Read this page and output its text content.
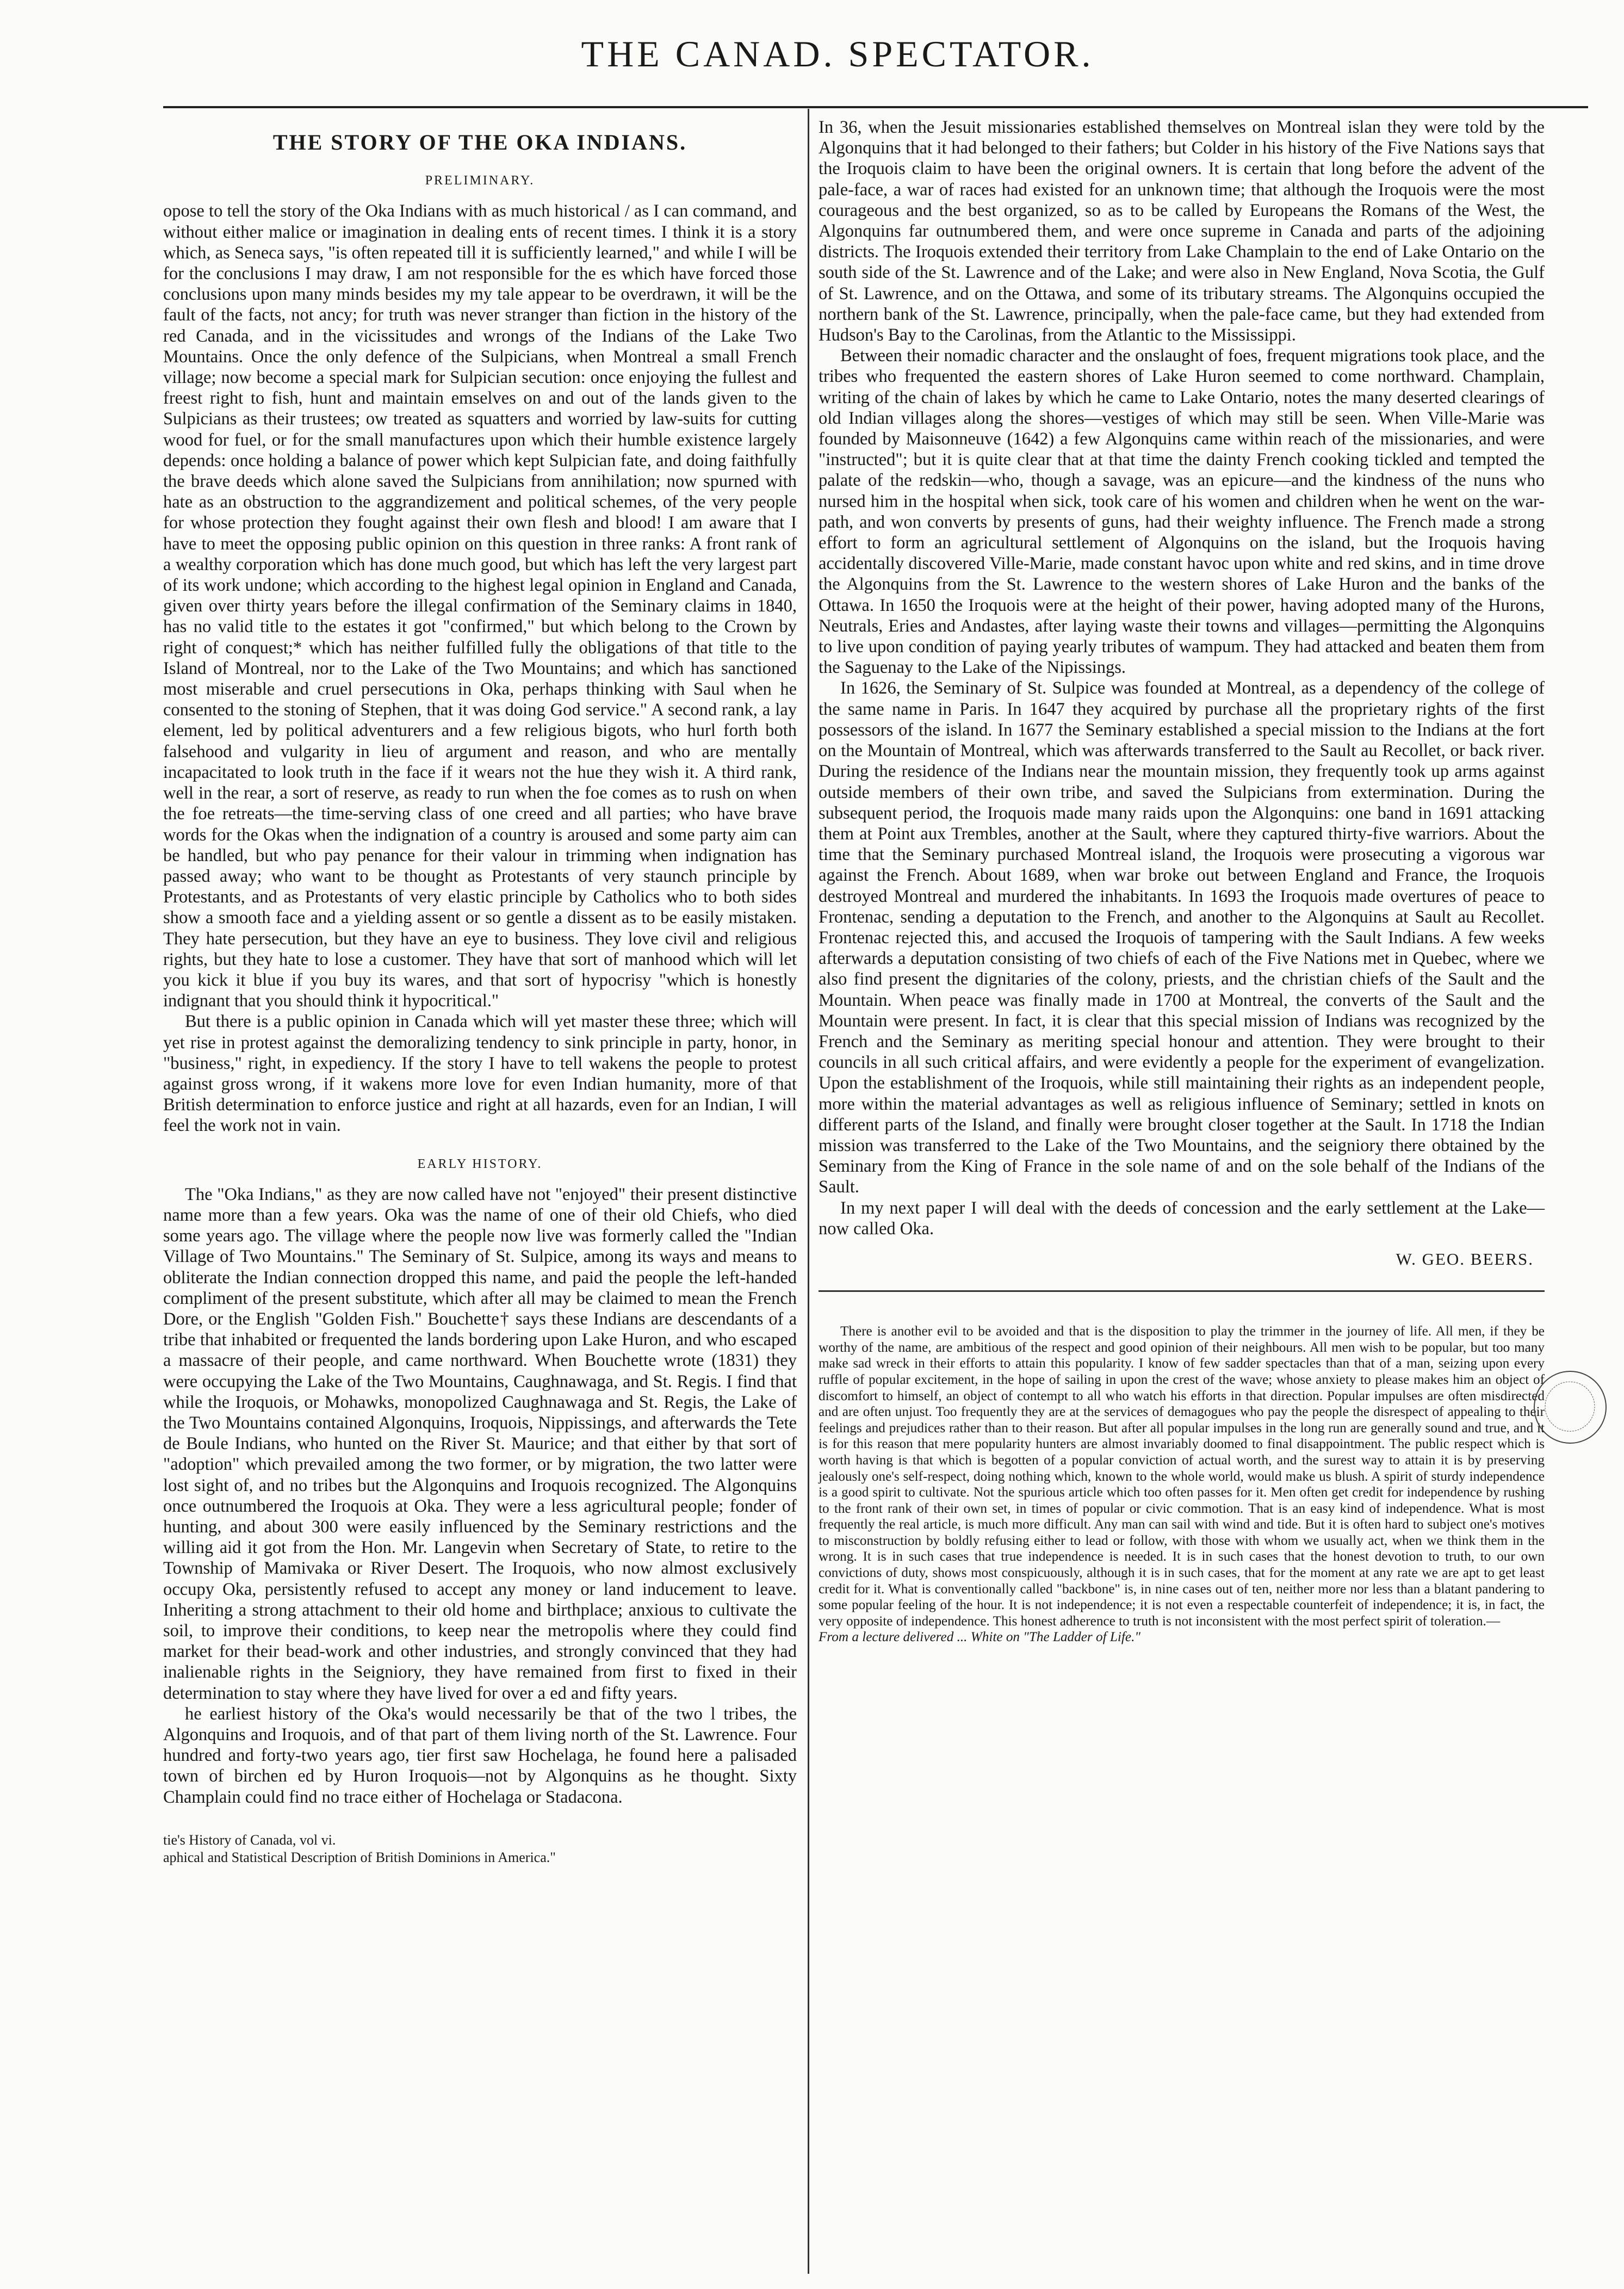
THE CANAD. SPECTATOR.
THE STORY OF THE OKA INDIANS.
PRELIMINARY.

opose to tell the story of the Oka Indians with as much historical / as I can command, and without either malice or imagination in dealing ents of recent times. I think it is a story which, as Seneca says, "is often repeated till it is sufficiently learned," and while I will be for the conclusions I may draw, I am not responsible for the es which have forced those conclusions upon many minds besides my my tale appear to be overdrawn, it will be the fault of the facts, not ancy; for truth was never stranger than fiction in the history of the red Canada, and in the vicissitudes and wrongs of the Indians of the Lake Two Mountains. Once the only defence of the Sulpicians, when Montreal a small French village; now become a special mark for Sulpician secution: once enjoying the fullest and freest right to fish, hunt and maintain emselves on and out of the lands given to the Sulpicians as their trustees; ow treated as squatters and worried by law-suits for cutting wood for fuel, or for the small manufactures upon which their humble existence largely depends: once holding a balance of power which kept Sulpician fate, and doing faithfully the brave deeds which alone saved the Sulpicians from annihilation; now spurned with hate as an obstruction to the aggrandizement and political schemes, of the very people for whose protection they fought against their own flesh and blood! I am aware that I have to meet the opposing public opinion on this question in three ranks: A front rank of a wealthy corporation which has done much good, but which has left the very largest part of its work undone; which according to the highest legal opinion in England and Canada, given over thirty years before the illegal confirmation of the Seminary claims in 1840, has no valid title to the estates it got "confirmed," but which belong to the Crown by right of conquest;* which has neither fulfilled fully the obligations of that title to the Island of Montreal, nor to the Lake of the Two Mountains; and which has sanctioned most miserable and cruel persecutions in Oka, perhaps thinking with Saul when he consented to the stoning of Stephen, that it was doing God service." A second rank, a lay element, led by political adventurers and a few religious bigots, who hurl forth both falsehood and vulgarity in lieu of argument and reason, and who are mentally incapacitated to look truth in the face if it wears not the hue they wish it. A third rank, well in the rear, a sort of reserve, as ready to run when the foe comes as to rush on when the foe retreats—the time-serving class of one creed and all parties; who have brave words for the Okas when the indignation of a country is aroused and some party aim can be handled, but who pay penance for their valour in trimming when indignation has passed away; who want to be thought as Protestants of very staunch principle by Protestants, and as Protestants of very elastic principle by Catholics who to both sides show a smooth face and a yielding assent or so gentle a dissent as to be easily mistaken. They hate persecution, but they have an eye to business. They love civil and religious rights, but they hate to lose a customer. They have that sort of manhood which will let you kick it blue if you buy its wares, and that sort of hypocrisy "which is honestly indignant that you should think it hypocritical."

But there is a public opinion in Canada which will yet master these three; which will yet rise in protest against the demoralizing tendency to sink principle in party, honor, in "business," right, in expediency. If the story I have to tell wakens the people to protest against gross wrong, if it wakens more love for even Indian humanity, more of that British determination to enforce justice and right at all hazards, even for an Indian, I will feel the work not in vain.

EARLY HISTORY.

The "Oka Indians," as they are now called have not "enjoyed" their present distinctive name more than a few years. Oka was the name of one of their old Chiefs, who died some years ago. The village where the people now live was formerly called the "Indian Village of Two Mountains." The Seminary of St. Sulpice, among its ways and means to obliterate the Indian connection dropped this name, and paid the people the left-handed compliment of the present substitute, which after all may be claimed to mean the French Dore, or the English "Golden Fish." Bouchette† says these Indians are descendants of a tribe that inhabited or frequented the lands bordering upon Lake Huron, and who escaped a massacre of their people, and came northward. When Bouchette wrote (1831) they were occupying the Lake of the Two Mountains, Caughnawaga, and St. Regis. I find that while the Iroquois, or Mohawks, monopolized Caughnawaga and St. Regis, the Lake of the Two Mountains contained Algonquins, Iroquois, Nippissings, and afterwards the Tete de Boule Indians, who hunted on the River St. Maurice; and that either by that sort of "adoption" which prevailed among the two former, or by migration, the two latter were lost sight of, and no tribes but the Algonquins and Iroquois recognized. The Algonquins once outnumbered the Iroquois at Oka. They were a less agricultural people; fonder of hunting, and about 300 were easily influenced by the Seminary restrictions and the willing aid it got from the Hon. Mr. Langevin when Secretary of State, to retire to the Township of Mamivaka or River Desert. The Iroquois, who now almost exclusively occupy Oka, persistently refused to accept any money or land inducement to leave. Inheriting a strong attachment to their old home and birthplace; anxious to cultivate the soil, to improve their conditions, to keep near the metropolis where they could find market for their bead-work and other industries, and strongly convinced that they had inalienable rights in the Seigniory, they have remained from first to fixed in their determination to stay where they have lived for over a ed and fifty years.

he earliest history of the Oka's would necessarily be that of the two l tribes, the Algonquins and Iroquois, and of that part of them living north of the St. Lawrence. Four hundred and forty-two years ago, tier first saw Hochelaga, he found here a palisaded town of birchen ed by Huron Iroquois—not by Algonquins as he thought. Sixty Champlain could find no trace either of Hochelaga or Stadacona.

tie's History of Canada, vol vi.
aphical and Statistical Description of British Dominions in America."

In 36, when the Jesuit missionaries established themselves on Montreal islan they were told by the Algonquins that it had belonged to their fathers; but Colder in his history of the Five Nations says that the Iroquois claim to have been the original owners. It is certain that long before the advent of the pale-face, a war of races had existed for an unknown time; that although the Iroquois were the most courageous and the best organized, so as to be called by Europeans the Romans of the West, the Algonquins far outnumbered them, and were once supreme in Canada and parts of the adjoining districts. The Iroquois extended their territory from Lake Champlain to the end of Lake Ontario on the south side of the St. Lawrence and of the Lake; and were also in New England, Nova Scotia, the Gulf of St. Lawrence, and on the Ottawa, and some of its tributary streams. The Algonquins occupied the northern bank of the St. Lawrence, principally, when the pale-face came, but they had extended from Hudson's Bay to the Carolinas, from the Atlantic to the Mississippi.

Between their nomadic character and the onslaught of foes, frequent migrations took place, and the tribes who frequented the eastern shores of Lake Huron seemed to come northward. Champlain, writing of the chain of lakes by which he came to Lake Ontario, notes the many deserted clearings of old Indian villages along the shores—vestiges of which may still be seen. When Ville-Marie was founded by Maisonneuve (1642) a few Algonquins came within reach of the missionaries, and were "instructed"; but it is quite clear that at that time the dainty French cooking tickled and tempted the palate of the redskin—who, though a savage, was an epicure—and the kindness of the nuns who nursed him in the hospital when sick, took care of his women and children when he went on the war-path, and won converts by presents of guns, had their weighty influence. The French made a strong effort to form an agricultural settlement of Algonquins on the island, but the Iroquois having accidentally discovered Ville-Marie, made constant havoc upon white and red skins, and in time drove the Algonquins from the St. Lawrence to the western shores of Lake Huron and the banks of the Ottawa. In 1650 the Iroquois were at the height of their power, having adopted many of the Hurons, Neutrals, Eries and Andastes, after laying waste their towns and villages—permitting the Algonquins to live upon condition of paying yearly tributes of wampum. They had attacked and beaten them from the Saguenay to the Lake of the Nipissings.

In 1626, the Seminary of St. Sulpice was founded at Montreal, as a dependency of the college of the same name in Paris. In 1647 they acquired by purchase all the proprietary rights of the first possessors of the island. In 1677 the Seminary established a special mission to the Indians at the fort on the Mountain of Montreal, which was afterwards transferred to the Sault au Recollet, or back river. During the residence of the Indians near the mountain mission, they frequently took up arms against outside members of their own tribe, and saved the Sulpicians from extermination. During the subsequent period, the Iroquois made many raids upon the Algonquins: one band in 1691 attacking them at Point aux Trembles, another at the Sault, where they captured thirty-five warriors. About the time that the Seminary purchased Montreal island, the Iroquois were prosecuting a vigorous war against the French. About 1689, when war broke out between England and France, the Iroquois destroyed Montreal and murdered the inhabitants. In 1693 the Iroquois made overtures of peace to Frontenac, sending a deputation to the French, and another to the Algonquins at Sault au Recollet. Frontenac rejected this, and accused the Iroquois of tampering with the Sault Indians. A few weeks afterwards a deputation consisting of two chiefs of each of the Five Nations met in Quebec, where we also find present the dignitaries of the colony, priests, and the christian chiefs of the Sault and the Mountain. When peace was finally made in 1700 at Montreal, the converts of the Sault and the Mountain were present. In fact, it is clear that this special mission of Indians was recognized by the French and the Seminary as meriting special honour and attention. They were brought to their councils in all such critical affairs, and were evidently a people for the experiment of evangelization. Upon the establishment of the Iroquois, while still maintaining their rights as an independent people, more within the material advantages as well as religious influence of Seminary; settled in knots on different parts of the Island, and finally were brought closer together at the Sault. In 1718 the Indian mission was transferred to the Lake of the Two Mountains, and the seigniory there obtained by the Seminary from the King of France in the sole name of and on the sole behalf of the Indians of the Sault.

In my next paper I will deal with the deeds of concession and the early settlement at the Lake—now called Oka.

W. GEO. BEERS.

There is another evil to be avoided and that is the disposition to play the trimmer in the journey of life. All men, if they be worthy of the name, are ambitious of the respect and good opinion of their neighbours. All men wish to be popular, but too many make sad wreck in their efforts to attain this popularity. I know of few sadder spectacles than that of a man, seizing upon every ruffle of popular excitement, in the hope of sailing in upon the crest of the wave; whose anxiety to please makes him an object of discomfort to himself, an object of contempt to all who watch his efforts in that direction. Popular impulses are often misdirected and are often unjust. Too frequently they are at the services of demagogues who pay the people the disrespect of appealing to their feelings and prejudices rather than to their reason. But after all popular impulses in the long run are generally sound and true, and it is for this reason that mere popularity hunters are almost invariably doomed to final disappointment. The public respect which is worth having is that which is begotten of a popular conviction of actual worth, and the surest way to attain it is by preserving jealously one's self-respect, doing nothing which, known to the whole world, would make us blush. A spirit of sturdy independence is a good spirit to cultivate. Not the spurious article which too often passes for it. Men often get credit for independence by rushing to the front rank of their own set, in times of popular or civic commotion. That is an easy kind of independence. What is most frequently the real article, is much more difficult. Any man can sail with wind and tide. But it is often hard to subject one's motives to misconstruction by boldly refusing either to lead or follow, with those with whom we usually act, when we think them in the wrong. It is in such cases that true independence is needed. It is in such cases that the honest devotion to truth, to our own convictions of duty, shows most conspicuously, although it is in such cases, that for the moment at any rate we are apt to get least credit for it. What is conventionally called "backbone" is, in nine cases out of ten, neither more nor less than a blatant pandering to some popular feeling of the hour. It is not independence; it is not even a respectable counterfeit of independence; it is, in fact, the very opposite of independence. This honest adherence to truth is not inconsistent with the most perfect spirit of toleration.—

From a lecture delivered ... White on "The Ladder of Life."
